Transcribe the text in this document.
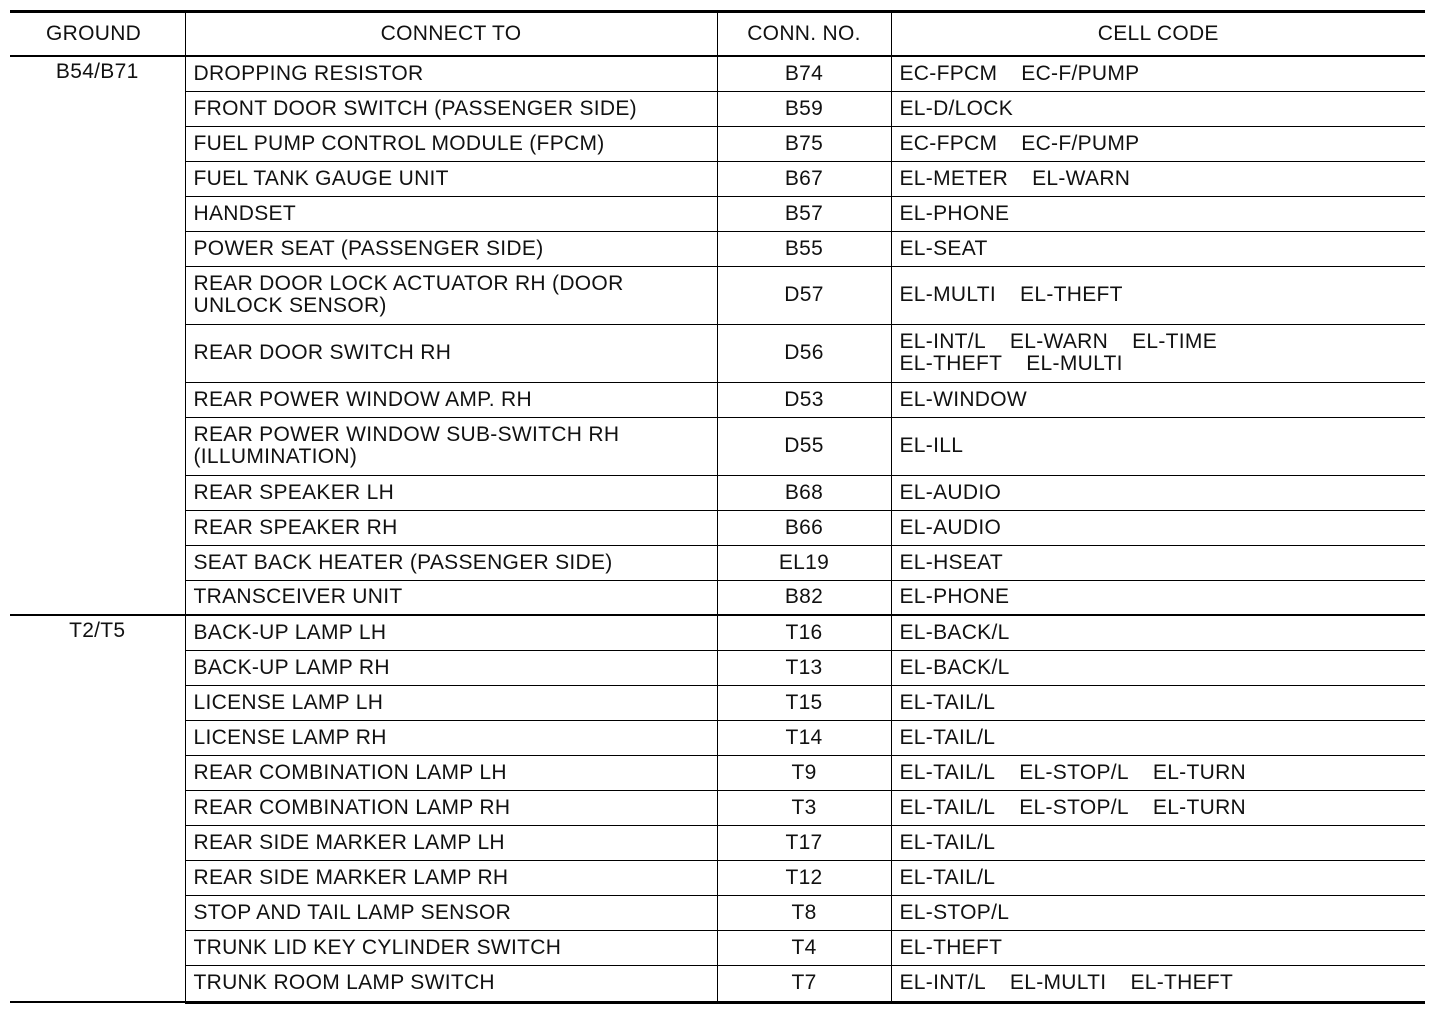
GROUND	CONNECT TO	CONN. NO.	CELL CODE
B54/B71	DROPPING RESISTOR	B74	EC-FPCM EC-F/PUMP
	FRONT DOOR SWITCH (PASSENGER SIDE)	B59	EL-D/LOCK
	FUEL PUMP CONTROL MODULE (FPCM)	B75	EC-FPCM EC-F/PUMP
	FUEL TANK GAUGE UNIT	B67	EL-METER EL-WARN
	HANDSET	B57	EL-PHONE
	POWER SEAT (PASSENGER SIDE)	B55	EL-SEAT
	REAR DOOR LOCK ACTUATOR RH (DOOR UNLOCK SENSOR)	D57	EL-MULTI EL-THEFT
	REAR DOOR SWITCH RH	D56	EL-INT/L EL-WARN EL-TIME
EL-THEFT EL-MULTI
	REAR POWER WINDOW AMP. RH	D53	EL-WINDOW
	REAR POWER WINDOW SUB-SWITCH RH (ILLUMINATION)	D55	EL-ILL
	REAR SPEAKER LH	B68	EL-AUDIO
	REAR SPEAKER RH	B66	EL-AUDIO
	SEAT BACK HEATER (PASSENGER SIDE)	EL19	EL-HSEAT
	TRANSCEIVER UNIT	B82	EL-PHONE
T2/T5	BACK-UP LAMP LH	T16	EL-BACK/L
	BACK-UP LAMP RH	T13	EL-BACK/L
	LICENSE LAMP LH	T15	EL-TAIL/L
	LICENSE LAMP RH	T14	EL-TAIL/L
	REAR COMBINATION LAMP LH	T9	EL-TAIL/L EL-STOP/L EL-TURN
	REAR COMBINATION LAMP RH	T3	EL-TAIL/L EL-STOP/L EL-TURN
	REAR SIDE MARKER LAMP LH	T17	EL-TAIL/L
	REAR SIDE MARKER LAMP RH	T12	EL-TAIL/L
	STOP AND TAIL LAMP SENSOR	T8	EL-STOP/L
	TRUNK LID KEY CYLINDER SWITCH	T4	EL-THEFT
	TRUNK ROOM LAMP SWITCH	T7	EL-INT/L EL-MULTI EL-THEFT
